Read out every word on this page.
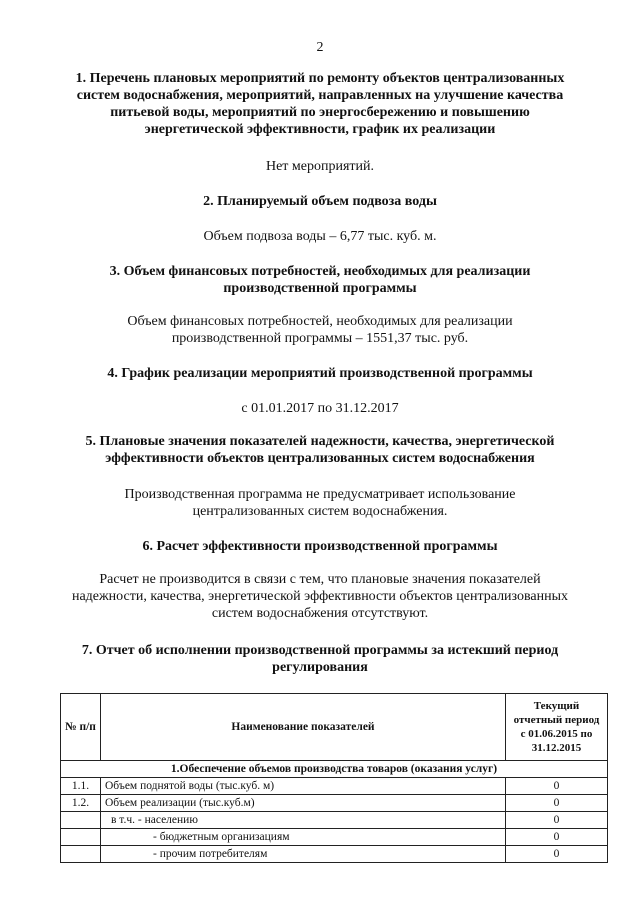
2
1. Перечень плановых мероприятий по ремонту объектов централизованных
систем водоснабжения, мероприятий, направленных на улучшение качества
питьевой воды, мероприятий по энергосбережению и повышению
энергетической эффективности, график их реализации
Нет мероприятий.
2. Планируемый объем подвоза воды
Объем подвоза воды – 6,77 тыс. куб. м.
3. Объем финансовых потребностей, необходимых для реализации
производственной программы
Объем финансовых потребностей, необходимых для реализации
производственной программы – 1551,37 тыс. руб.
4. График реализации мероприятий производственной программы
с 01.01.2017 по 31.12.2017
5. Плановые значения показателей надежности, качества, энергетической
эффективности объектов централизованных систем водоснабжения
Производственная программа не предусматривает использование
централизованных систем водоснабжения.
6. Расчет эффективности производственной программы
Расчет не производится в связи с тем, что плановые значения показателей
надежности, качества, энергетической эффективности объектов централизованных
систем водоснабжения отсутствуют.
7. Отчет об исполнении производственной программы за истекший период
регулирования
№ п/п	Наименование показателей	Текущий
отчетный период
с 01.06.2015 по
31.12.2015

1.Обеспечение объемов производства товаров (оказания услуг)		
1.1.	Объем поднятой воды (тыс.куб. м)	0
1.2.	Объем реализации (тыс.куб.м)	0
	в т.ч. - населению	0
	- бюджетным организациям	0
	- прочим потребителям	0
